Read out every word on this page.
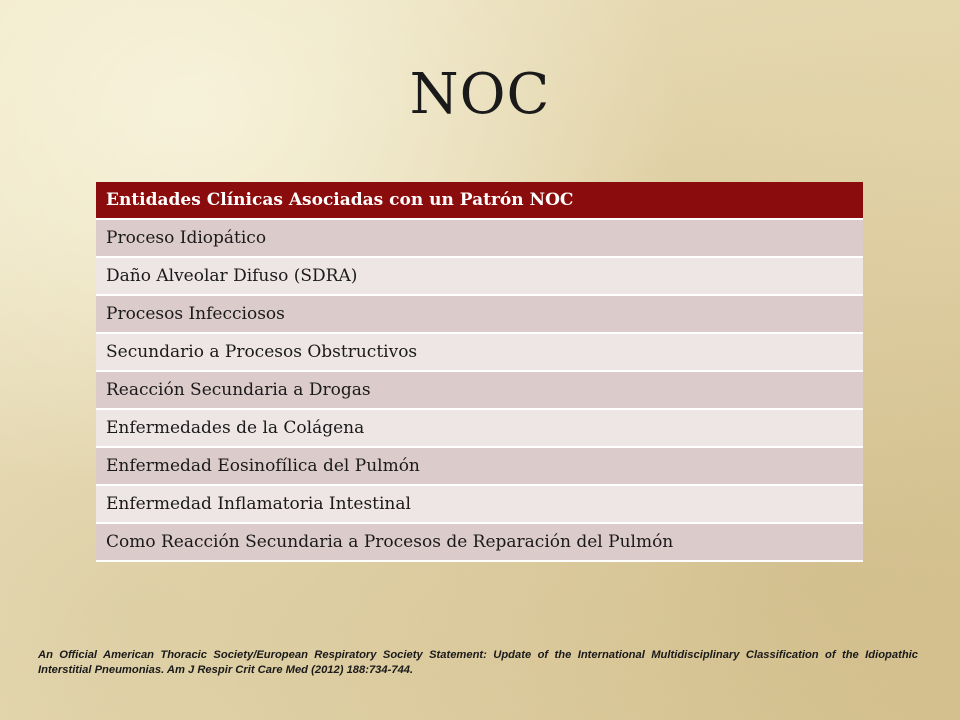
NOC
Entidades Clínicas Asociadas con un Patrón NOC
Proceso Idiopático
Daño Alveolar Difuso (SDRA)
Procesos Infecciosos
Secundario a Procesos Obstructivos
Reacción Secundaria a Drogas
Enfermedades de la Colágena
Enfermedad Eosinofílica del Pulmón
Enfermedad Inflamatoria Intestinal
Como Reacción Secundaria a Procesos de Reparación del Pulmón

An Official American Thoracic Society/European Respiratory Society Statement: Update of the International Multidisciplinary Classification of the Idiopathic Interstitial Pneumonias. Am J Respir Crit Care Med (2012) 188:734-744.
